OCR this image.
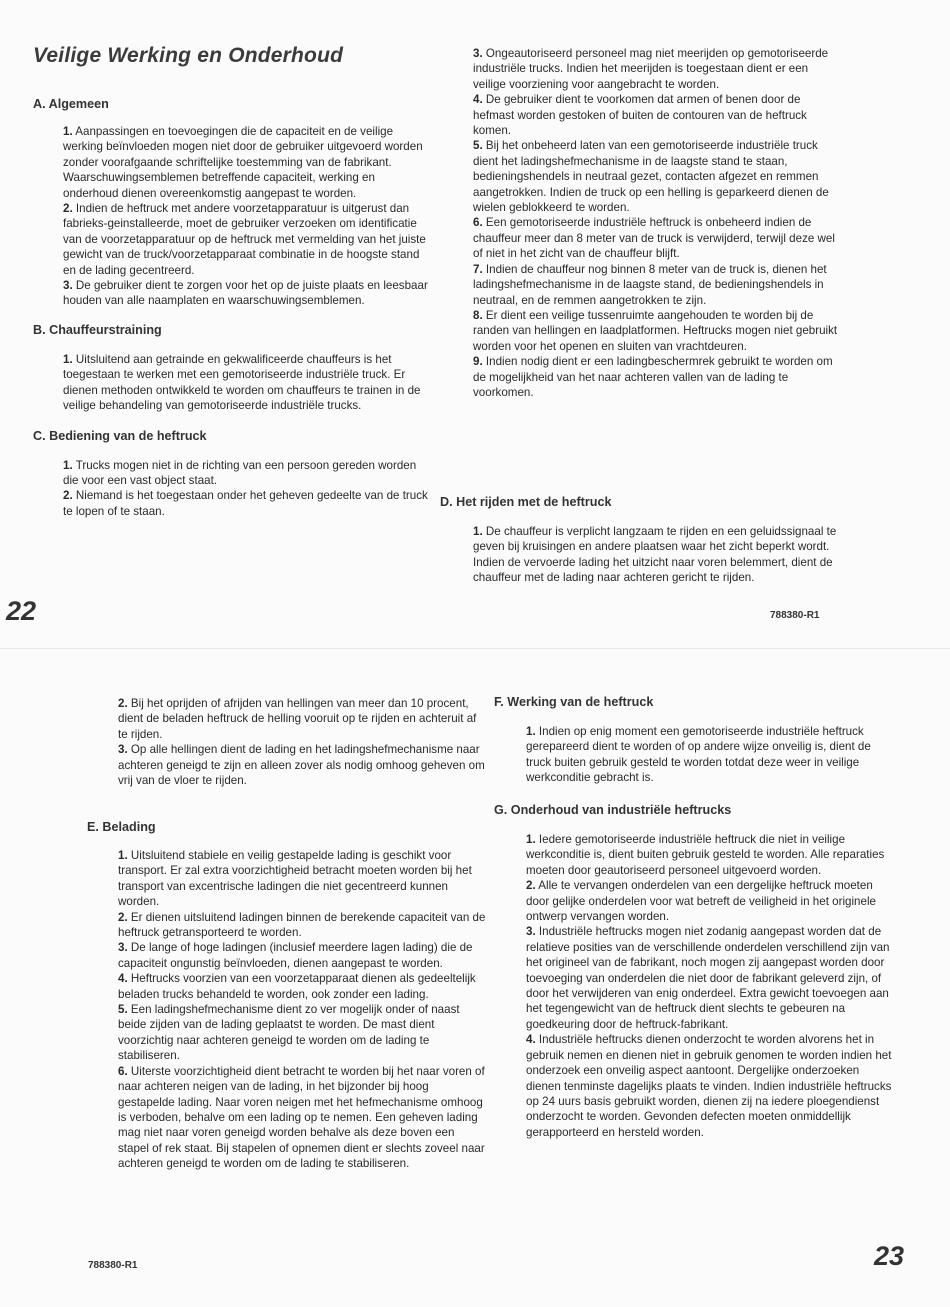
Veilige Werking en Onderhoud
A. Algemeen
1. Aanpassingen en toevoegingen die de capaciteit en de veilige werking beïnvloeden mogen niet door de gebruiker uitgevoerd worden zonder voorafgaande schriftelijke toestemming van de fabrikant. Waarschuwingsemblemen betreffende capaciteit, werking en onderhoud dienen overeenkomstig aangepast te worden.
2. Indien de heftruck met andere voorzetapparatuur is uitgerust dan fabrieks-geinstalleerde, moet de gebruiker verzoeken om identificatie van de voorzetapparatuur op de heftruck met vermelding van het juiste gewicht van de truck/voorzetapparaat combinatie in de hoogste stand en de lading gecentreerd.
3. De gebruiker dient te zorgen voor het op de juiste plaats en leesbaar houden van alle naamplaten en waarschuwingsemblemen.
B. Chauffeurstraining
1. Uitsluitend aan getrainde en gekwalificeerde chauffeurs is het toegestaan te werken met een gemotoriseerde industriële truck. Er dienen methoden ontwikkeld te worden om chauffeurs te trainen in de veilige behandeling van gemotoriseerde industriële trucks.
C. Bediening van de heftruck
1. Trucks mogen niet in de richting van een persoon gereden worden die voor een vast object staat.
2. Niemand is het toegestaan onder het geheven gedeelte van de truck te lopen of te staan.
3. Ongeautoriseerd personeel mag niet meerijden op gemotoriseerde industriële trucks. Indien het meerijden is toegestaan dient er een veilige voorziening voor aangebracht te worden.
4. De gebruiker dient te voorkomen dat armen of benen door de hefmast worden gestoken of buiten de contouren van de heftruck komen.
5. Bij het onbeheerd laten van een gemotoriseerde industriële truck dient het ladingshefmechanisme in de laagste stand te staan, bedieningshendels in neutraal gezet, contacten afgezet en remmen aangetrokken. Indien de truck op een helling is geparkeerd dienen de wielen geblokkeerd te worden.
6. Een gemotoriseerde industriële heftruck is onbeheerd indien de chauffeur meer dan 8 meter van de truck is verwijderd, terwijl deze wel of niet in het zicht van de chauffeur blijft.
7. Indien de chauffeur nog binnen 8 meter van de truck is, dienen het ladingshefmechanisme in de laagste stand, de bedieningshendels in neutraal, en de remmen aangetrokken te zijn.
8. Er dient een veilige tussenruimte aangehouden te worden bij de randen van hellingen en laadplatformen. Heftrucks mogen niet gebruikt worden voor het openen en sluiten van vrachtdeuren.
9. Indien nodig dient er een ladingbeschermrek gebruikt te worden om de mogelijkheid van het naar achteren vallen van de lading te voorkomen.
D. Het rijden met de heftruck
1. De chauffeur is verplicht langzaam te rijden en een geluidssignaal te geven bij kruisingen en andere plaatsen waar het zicht beperkt wordt. Indien de vervoerde lading het uitzicht naar voren belemmert, dient de chauffeur met de lading naar achteren gericht te rijden.

22	788380-R1

2. Bij het oprijden of afrijden van hellingen van meer dan 10 procent, dient de beladen heftruck de helling vooruit op te rijden en achteruit af te rijden.
3. Op alle hellingen dient de lading en het ladingshefmechanisme naar achteren geneigd te zijn en alleen zover als nodig omhoog geheven om vrij van de vloer te rijden.
E. Belading
1. Uitsluitend stabiele en veilig gestapelde lading is geschikt voor transport. Er zal extra voorzichtigheid betracht moeten worden bij het transport van excentrische ladingen die niet gecentreerd kunnen worden.
2. Er dienen uitsluitend ladingen binnen de berekende capaciteit van de heftruck getransporteerd te worden.
3. De lange of hoge ladingen (inclusief meerdere lagen lading) die de capaciteit ongunstig beïnvloeden, dienen aangepast te worden.
4. Heftrucks voorzien van een voorzetapparaat dienen als gedeeltelijk beladen trucks behandeld te worden, ook zonder een lading.
5. Een ladingshefmechanisme dient zo ver mogelijk onder of naast beide zijden van de lading geplaatst te worden. De mast dient voorzichtig naar achteren geneigd te worden om de lading te stabiliseren.
6. Uiterste voorzichtigheid dient betracht te worden bij het naar voren of naar achteren neigen van de lading, in het bijzonder bij hoog gestapelde lading. Naar voren neigen met het hefmechanisme omhoog is verboden, behalve om een lading op te nemen. Een geheven lading mag niet naar voren geneigd worden behalve als deze boven een stapel of rek staat. Bij stapelen of opnemen dient er slechts zoveel naar achteren geneigd te worden om de lading te stabiliseren.
F. Werking van de heftruck
1. Indien op enig moment een gemotoriseerde industriële heftruck gerepareerd dient te worden of op andere wijze onveilig is, dient de truck buiten gebruik gesteld te worden totdat deze weer in veilige werkconditie gebracht is.
G. Onderhoud van industriële heftrucks
1. Iedere gemotoriseerde industriële heftruck die niet in veilige werkconditie is, dient buiten gebruik gesteld te worden. Alle reparaties moeten door geautoriseerd personeel uitgevoerd worden.
2. Alle te vervangen onderdelen van een dergelijke heftruck moeten door gelijke onderdelen voor wat betreft de veiligheid in het originele ontwerp vervangen worden.
3. Industriële heftrucks mogen niet zodanig aangepast worden dat de relatieve posities van de verschillende onderdelen verschillend zijn van het origineel van de fabrikant, noch mogen zij aangepast worden door toevoeging van onderdelen die niet door de fabrikant geleverd zijn, of door het verwijderen van enig onderdeel. Extra gewicht toevoegen aan het tegengewicht van de heftruck dient slechts te gebeuren na goedkeuring door de heftruck-fabrikant.
4. Industriële heftrucks dienen onderzocht te worden alvorens het in gebruik nemen en dienen niet in gebruik genomen te worden indien het onderzoek een onveilig aspect aantoont. Dergelijke onderzoeken dienen tenminste dagelijks plaats te vinden. Indien industriële heftrucks op 24 uurs basis gebruikt worden, dienen zij na iedere ploegendienst onderzocht te worden. Gevonden defecten moeten onmiddellijk gerapporteerd en hersteld worden.

788380-R1	23
